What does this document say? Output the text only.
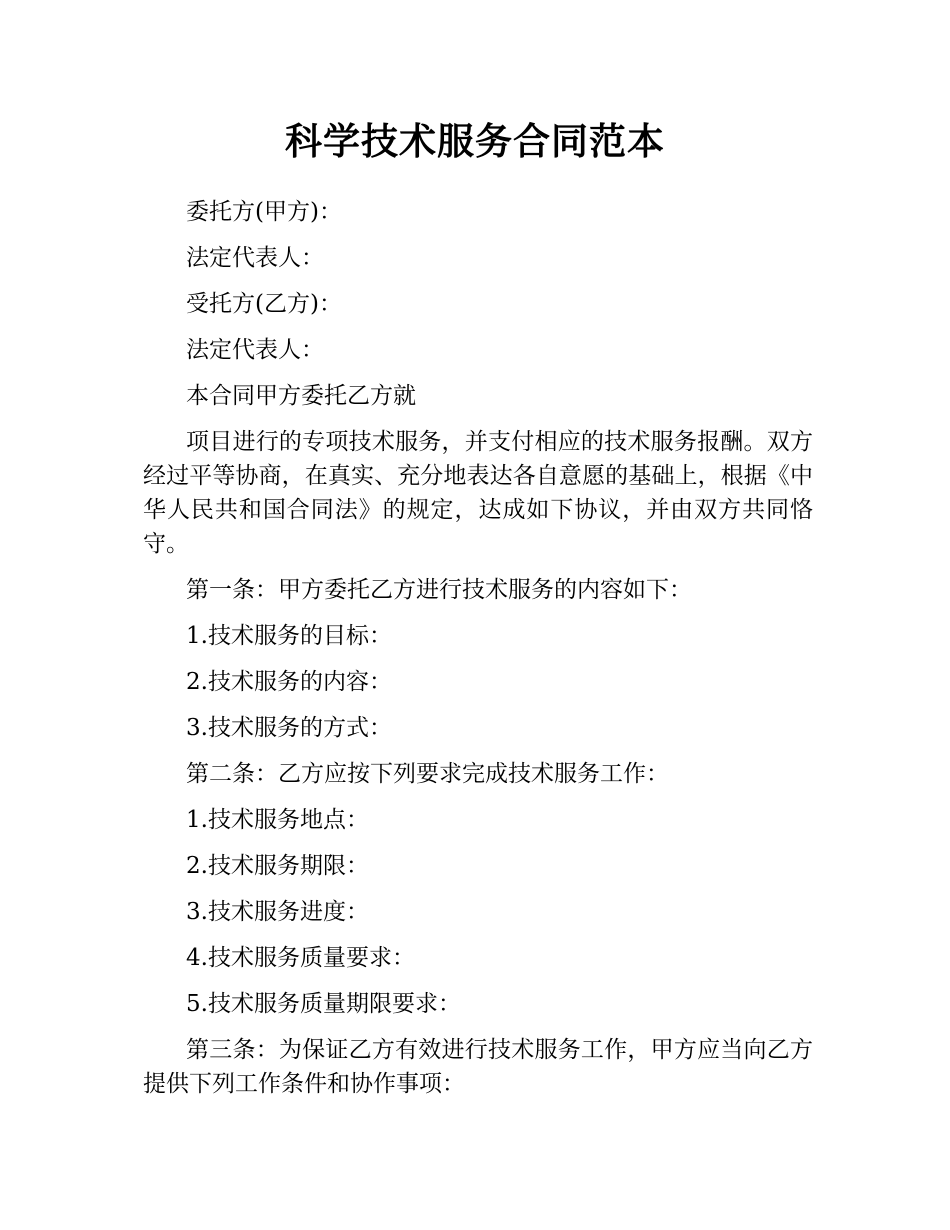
科学技术服务合同范本

委托方(甲方)：

法定代表人：

受托方(乙方)：

法定代表人：

本合同甲方委托乙方就

项目进行的专项技术服务，并支付相应的技术服务报酬。双方经过平等协商，在真实、充分地表达各自意愿的基础上，根据《中华人民共和国合同法》的规定，达成如下协议，并由双方共同恪守。

第一条：甲方委托乙方进行技术服务的内容如下：

1.技术服务的目标：

2.技术服务的内容：

3.技术服务的方式：

第二条：乙方应按下列要求完成技术服务工作：

1.技术服务地点：

2.技术服务期限：

3.技术服务进度：

4.技术服务质量要求：

5.技术服务质量期限要求：

第三条：为保证乙方有效进行技术服务工作，甲方应当向乙方提供下列工作条件和协作事项：
